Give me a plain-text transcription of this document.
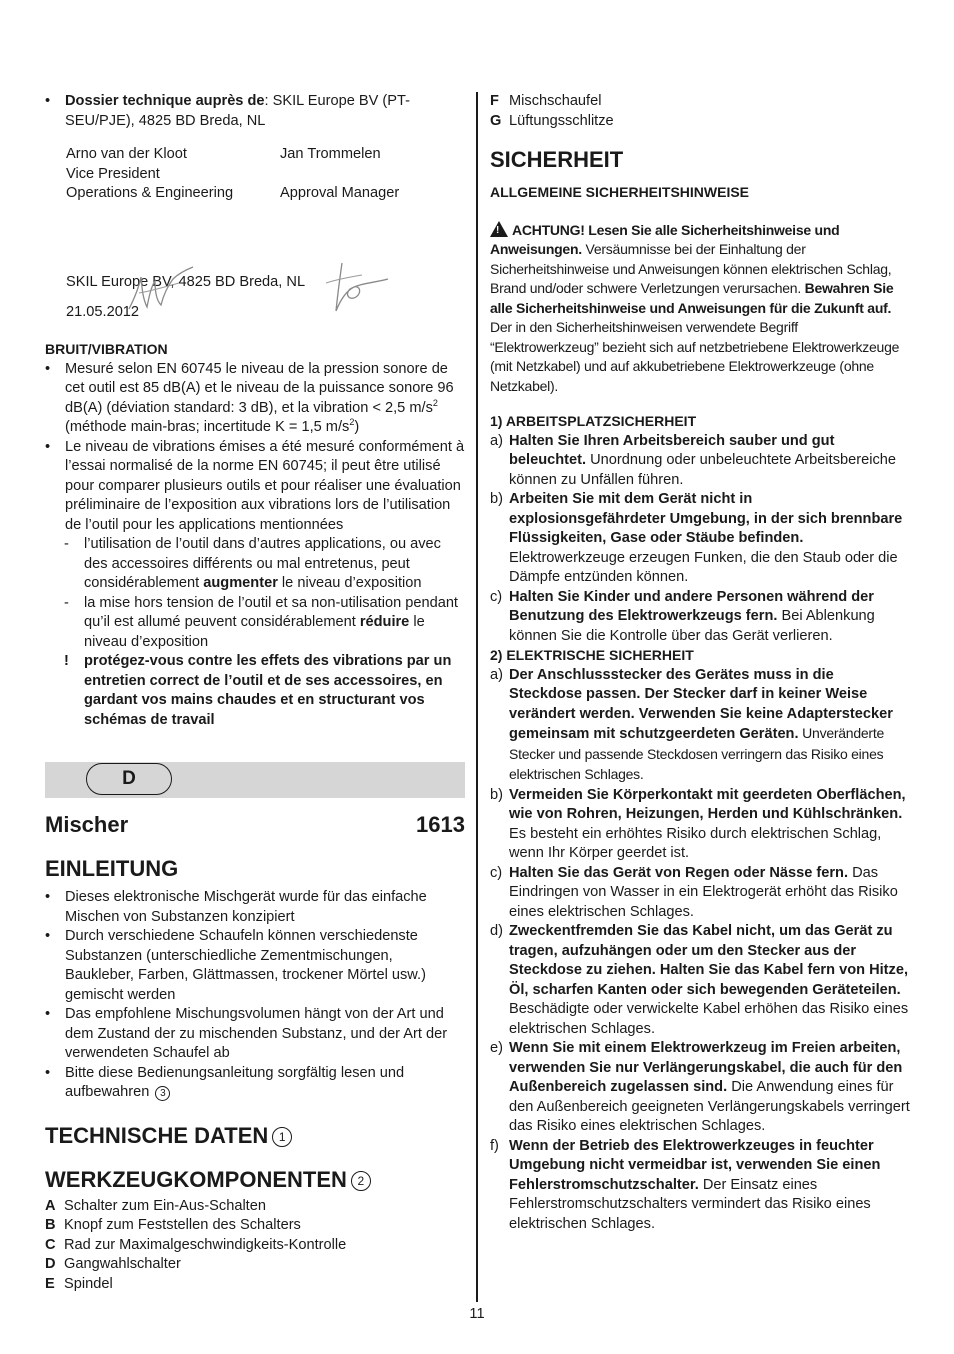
• Dossier technique auprès de: SKIL Europe BV (PT-SEU/PJE), 4825 BD Breda, NL
Arno van der Kloot
Vice President
Operations & Engineering
Jan Trommelen
Approval Manager
SKIL Europe BV, 4825 BD Breda, NL
21.05.2012
BRUIT/VIBRATION
• Mesuré selon EN 60745 le niveau de la pression sonore de cet outil est 85 dB(A) et le niveau de la puissance sonore 96 dB(A) (déviation standard: 3 dB), et la vibration < 2,5 $m/s^2$ (méthode main-bras; incertitude K = 1,5 $m/s^2$)
• Le niveau de vibrations émises a été mesuré conformément à l’essai normalisé de la norme EN 60745; il peut être utilisé pour comparer plusieurs outils et pour réaliser une évaluation préliminaire de l’exposition aux vibrations lors de l’utilisation de l’outil pour les applications mentionnées
- l’utilisation de l’outil dans d’autres applications, ou avec des accessoires différents ou mal entretenus, peut considérablement augmenter le niveau d’exposition
- la mise hors tension de l’outil et sa non-utilisation pendant qu’il est allumé peuvent considérablement réduire le niveau d’exposition
! protégez-vous contre les effets des vibrations par un entretien correct de l’outil et de ses accessoires, en gardant vos mains chaudes et en structurant vos schémas de travail
D
Mischer	1613
EINLEITUNG
• Dieses elektronische Mischgerät wurde für das einfache Mischen von Substanzen konzipiert
• Durch verschiedene Schaufeln können verschiedenste Substanzen (unterschiedliche Zementmischungen, Baukleber, Farben, Glättmassen, trockener Mörtel usw.) gemischt werden
• Das empfohlene Mischungsvolumen hängt von der Art und dem Zustand der zu mischenden Substanz, und der Art der verwendeten Schaufel ab
• Bitte diese Bedienungsanleitung sorgfältig lesen und aufbewahren 3
TECHNISCHE DATEN 1
WERKZEUGKOMPONENTEN 2
A Schalter zum Ein-Aus-Schalten
B Knopf zum Feststellen des Schalters
C Rad zur Maximalgeschwindigkeits-Kontrolle
D Gangwahlschalter
E Spindel
F Mischschaufel
G Lüftungsschlitze
SICHERHEIT
ALLGEMEINE SICHERHEITSHINWEISE
! ACHTUNG! Lesen Sie alle Sicherheitshinweise und Anweisungen. Versäumnisse bei der Einhaltung der Sicherheitshinweise und Anweisungen können elektrischen Schlag, Brand und/oder schwere Verletzungen verursachen. Bewahren Sie alle Sicherheitshinweise und Anweisungen für die Zukunft auf. Der in den Sicherheitshinweisen verwendete Begriff “Elektrowerkzeug” bezieht sich auf netzbetriebene Elektrowerkzeuge (mit Netzkabel) und auf akkubetriebene Elektrowerkzeuge (ohne Netzkabel).
1) ARBEITSPLATZSICHERHEIT
a) Halten Sie Ihren Arbeitsbereich sauber und gut beleuchtet. Unordnung oder unbeleuchtete Arbeitsbereiche können zu Unfällen führen.
b) Arbeiten Sie mit dem Gerät nicht in explosionsgefährdeter Umgebung, in der sich brennbare Flüssigkeiten, Gase oder Stäube befinden. Elektrowerkzeuge erzeugen Funken, die den Staub oder die Dämpfe entzünden können.
c) Halten Sie Kinder und andere Personen während der Benutzung des Elektrowerkzeugs fern. Bei Ablenkung können Sie die Kontrolle über das Gerät verlieren.
2) ELEKTRISCHE SICHERHEIT
a) Der Anschlussstecker des Gerätes muss in die Steckdose passen. Der Stecker darf in keiner Weise verändert werden. Verwenden Sie keine Adapterstecker gemeinsam mit schutzgeerdeten Geräten. Unveränderte Stecker und passende Steckdosen verringern das Risiko eines elektrischen Schlages.
b) Vermeiden Sie Körperkontakt mit geerdeten Oberflächen, wie von Rohren, Heizungen, Herden und Kühlschränken. Es besteht ein erhöhtes Risiko durch elektrischen Schlag, wenn Ihr Körper geerdet ist.
c) Halten Sie das Gerät von Regen oder Nässe fern. Das Eindringen von Wasser in ein Elektrogerät erhöht das Risiko eines elektrischen Schlages.
d) Zweckentfremden Sie das Kabel nicht, um das Gerät zu tragen, aufzuhängen oder um den Stecker aus der Steckdose zu ziehen. Halten Sie das Kabel fern von Hitze, Öl, scharfen Kanten oder sich bewegenden Geräteteilen. Beschädigte oder verwickelte Kabel erhöhen das Risiko eines elektrischen Schlages.
e) Wenn Sie mit einem Elektrowerkzeug im Freien arbeiten, verwenden Sie nur Verlängerungskabel, die auch für den Außenbereich zugelassen sind. Die Anwendung eines für den Außenbereich geeigneten Verlängerungskabels verringert das Risiko eines elektrischen Schlages.
f) Wenn der Betrieb des Elektrowerkzeuges in feuchter Umgebung nicht vermeidbar ist, verwenden Sie einen Fehlerstromschutzschalter. Der Einsatz eines Fehlerstromschutzschalters vermindert das Risiko eines elektrischen Schlages.
11
